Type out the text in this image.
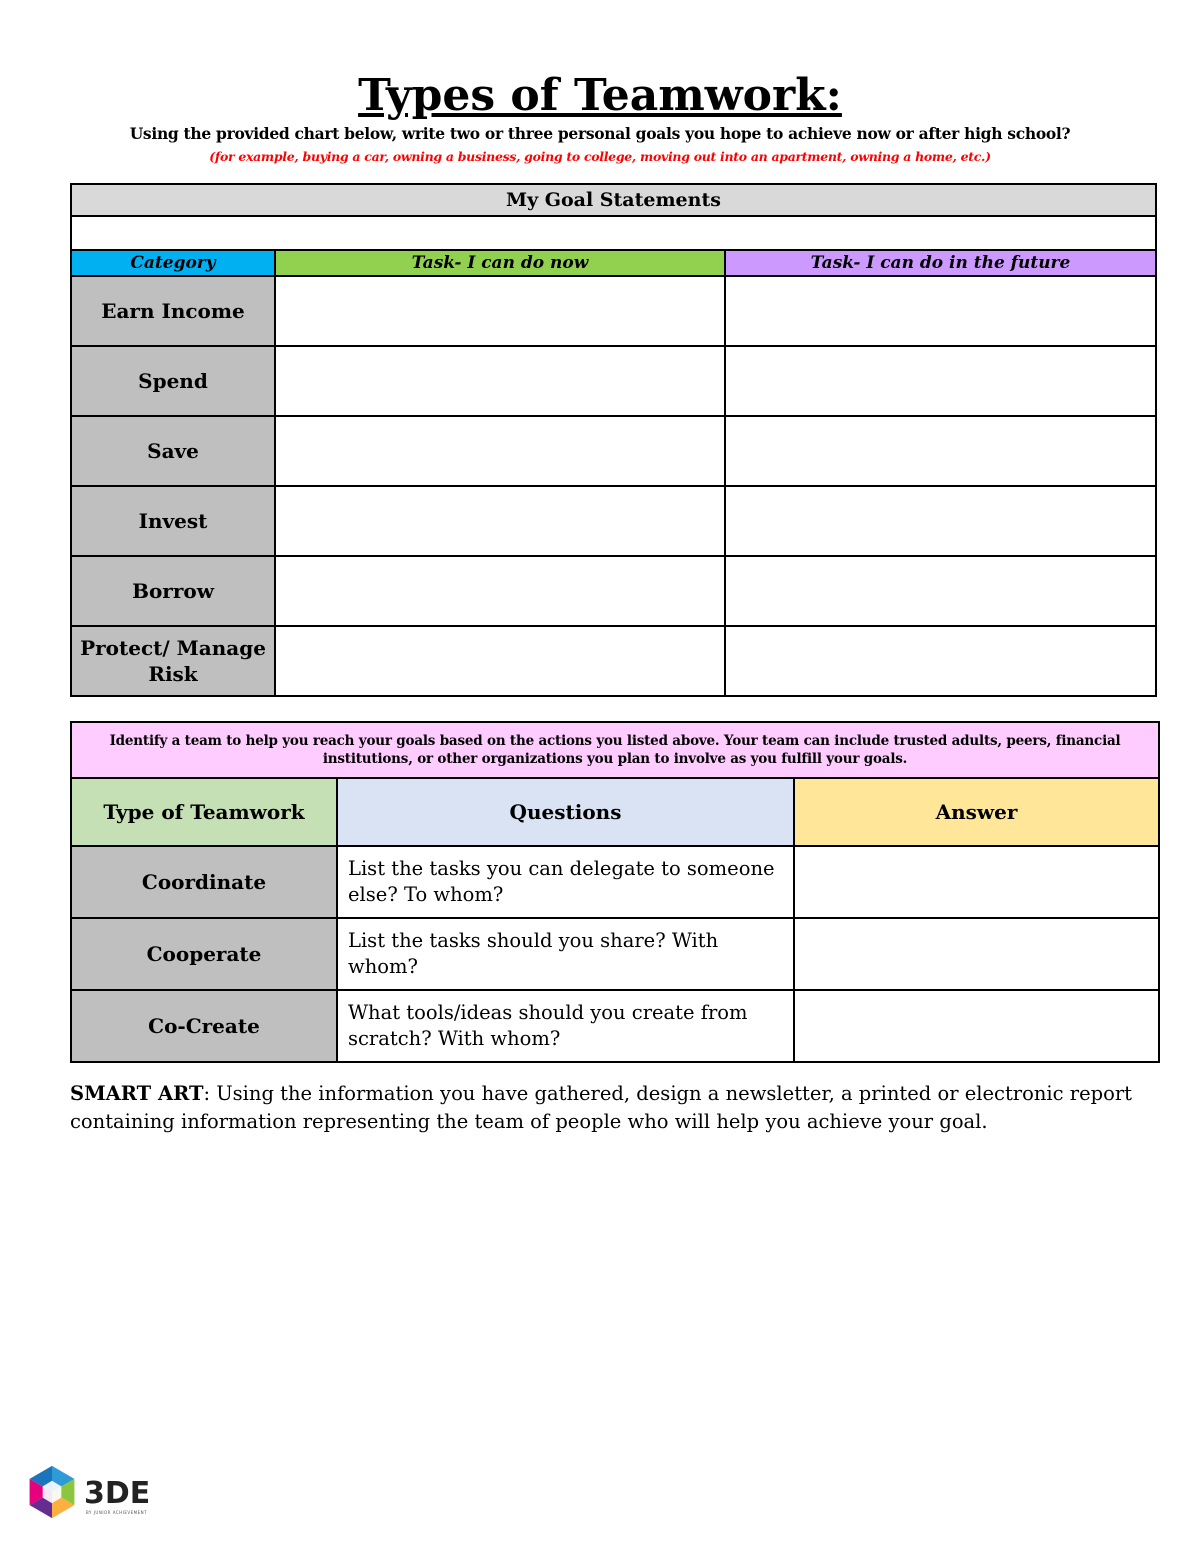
Types of Teamwork:
Using the provided chart below, write two or three personal goals you hope to achieve now or after high school?
(for example, buying a car, owning a business, going to college, moving out into an apartment, owning a home, etc.)
My Goal Statements		

Category	Task- I can do now	Task- I can do in the future
Earn Income		
Spend		
Save		
Invest		
Borrow		
Protect/ Manage Risk		
Identify a team to help you reach your goals based on the actions you listed above. Your team can include trusted adults, peers, financial institutions, or other organizations you plan to involve as you fulfill your goals.		
Type of Teamwork	Questions	Answer
Coordinate	List the tasks you can delegate to someone else? To whom?	
Cooperate	List the tasks should you share? With whom?	
Co-Create	What tools/ideas should you create from scratch? With whom?	
SMART ART: Using the information you have gathered, design a newsletter, a printed or electronic report containing information representing the team of people who will help you achieve your goal.
3DE
BY JUNIOR ACHIEVEMENT
